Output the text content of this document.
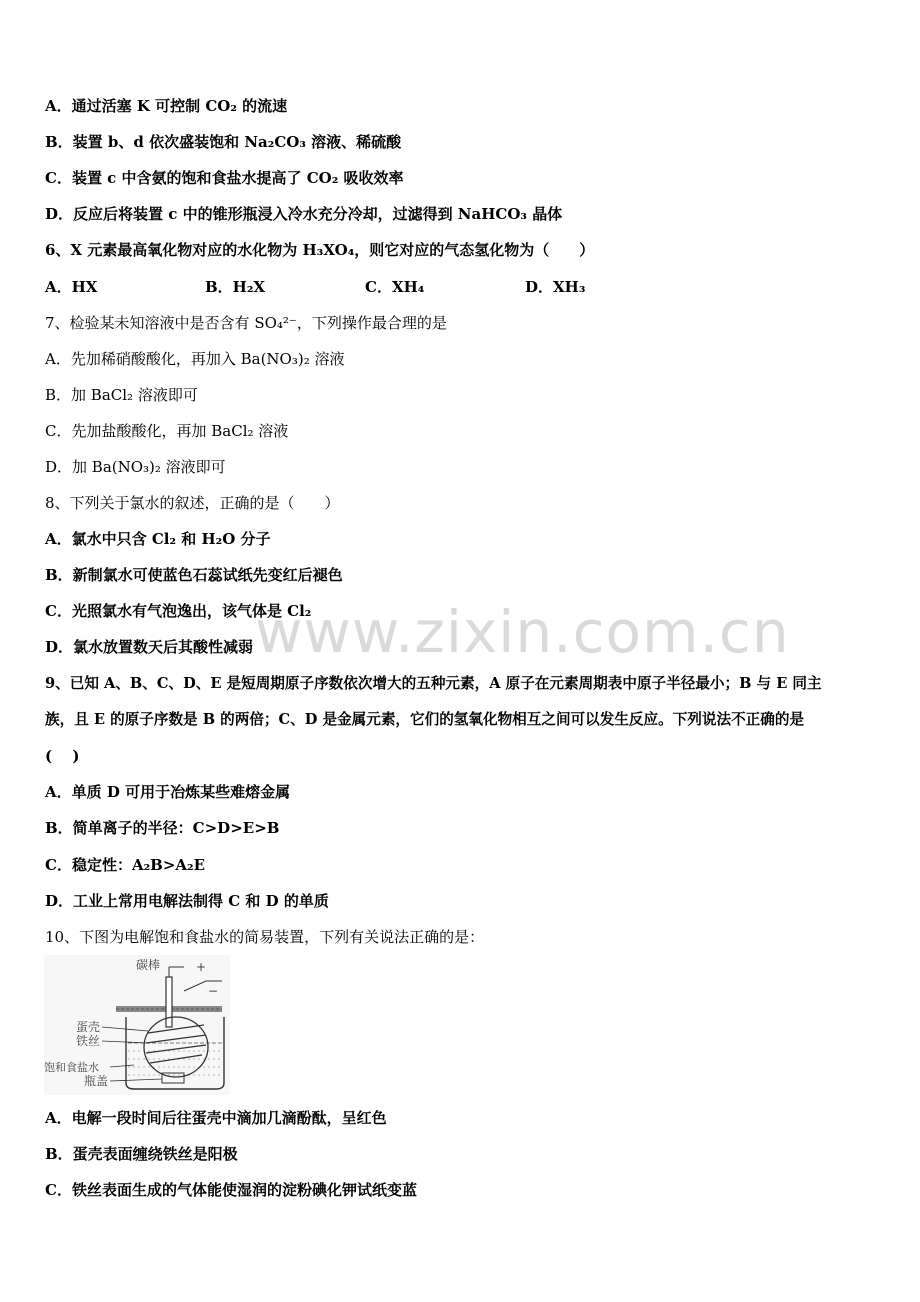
A．通过活塞 K 可控制 CO₂ 的流速
B．装置 b、d 依次盛装饱和 Na₂CO₃ 溶液、稀硫酸
C．装置 c 中含氨的饱和食盐水提高了 CO₂ 吸收效率
D．反应后将装置 c 中的锥形瓶浸入冷水充分冷却，过滤得到 NaHCO₃ 晶体
6、X 元素最高氧化物对应的水化物为 H₃XO₄，则它对应的气态氢化物为（　　）
A．HX	B．H₂X	C．XH₄	D．XH₃
7、检验某未知溶液中是否含有 SO₄²⁻，下列操作最合理的是
A．先加稀硝酸酸化，再加入 Ba(NO₃)₂ 溶液
B．加 BaCl₂ 溶液即可
C．先加盐酸酸化，再加 BaCl₂ 溶液
D．加 Ba(NO₃)₂ 溶液即可
8、下列关于氯水的叙述，正确的是（　　）
A．氯水中只含 Cl₂ 和 H₂O 分子
B．新制氯水可使蓝色石蕊试纸先变红后褪色
C．光照氯水有气泡逸出，该气体是 Cl₂
D．氯水放置数天后其酸性减弱
9、已知 A、B、C、D、E 是短周期原子序数依次增大的五种元素，A 原子在元素周期表中原子半径最小；B 与 E 同主
族，且 E 的原子序数是 B 的两倍；C、D 是金属元素，它们的氢氧化物相互之间可以发生反应。下列说法不正确的是
(　 )
A．单质 D 可用于冶炼某些难熔金属
B．简单离子的半径：C>D>E>B
C．稳定性：A₂B>A₂E
D．工业上常用电解法制得 C 和 D 的单质
10、下图为电解饱和食盐水的简易装置，下列有关说法正确的是：
碳棒	+
−
蛋壳
铁丝
饱和食盐水
瓶盖
A．电解一段时间后往蛋壳中滴加几滴酚酞，呈红色
B．蛋壳表面缠绕铁丝是阳极
C．铁丝表面生成的气体能使湿润的淀粉碘化钾试纸变蓝
www.zixin.com.cn
